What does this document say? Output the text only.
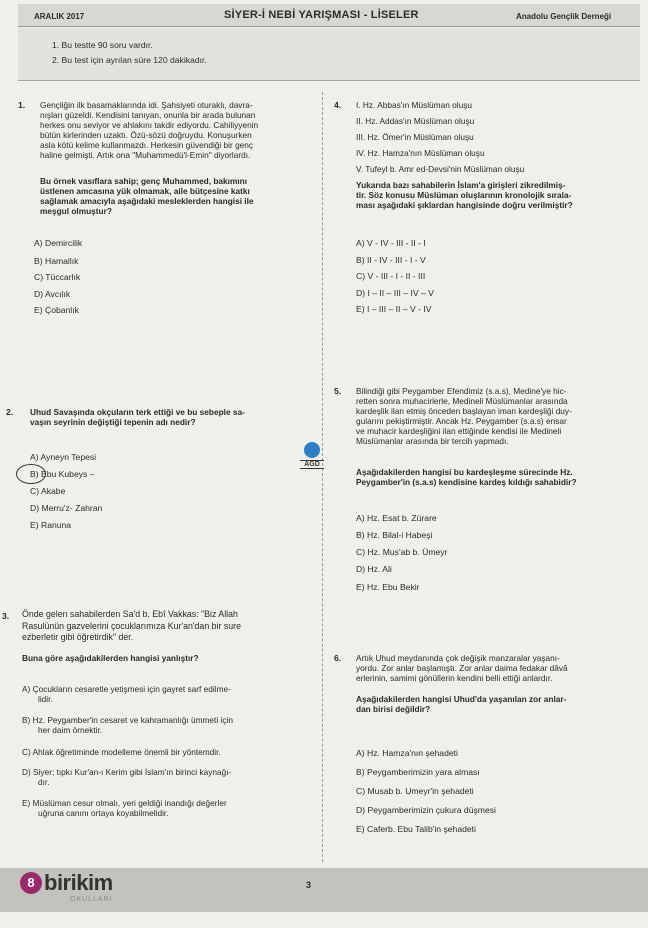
ARALIK 2017	SİYER-İ NEBİ YARIŞMASI - LİSELER	Anadolu Gençlik Derneği
1. Bu testte 90 soru vardır.
2. Bu test için ayrılan süre 120 dakikadır.
1. Gençliğin ilk basamaklarında idi. Şahsiyeti oturaklı, davra-
nışları güzeldi. Kendisini tanıyan, onunla bir arada bulunan
herkes onu seviyor ve ahlakını takdir ediyordu. Cahiliyyenin
bütün kirlerinden uzaktı. Özü-sözü doğruydu. Konuşurken
asla kötü kelime kullanmazdı. Herkesin güvendiği bir genç
haline gelmişti. Artık ona "Muhammedü'l-Emin" diyorlardı.
Bu örnek vasıflara sahip; genç Muhammed, bakımını
üstlenen amcasına yük olmamak, aile bütçesine katkı
sağlamak amacıyla aşağıdaki mesleklerden hangisi ile
meşgul olmuştur?
A) Demircilik
B) Hamallık
C) Tüccarlık
D) Avcılık
E) Çobanlık
2. Uhud Savaşında okçuların terk ettiği ve bu sebeple sa-
vaşın seyrinin değiştiği tepenin adı nedir?
A) Ayneyn Tepesi
B) Ebu Kubeys –
C) Akabe
D) Merru'z- Zahran
E) Ranuna
3. Önde gelen sahabilerden Sa'd b. Ebî Vakkas: "Biz Allah
Rasulünün gazvelerini çocuklarımıza Kur'an'dan bir sure
ezberletir gibi öğretirdik" der.
Buna göre aşağıdakilerden hangisi yanlıştır?
A) Çocukların cesaretle yetişmesi için gayret sarf edilme-
lidir.
B) Hz. Peygamber'in cesaret ve kahramanlığı ümmeti için
her daim örnektir.
C) Ahlak öğretiminde modelleme önemli bir yöntemdir.
D) Siyer; tıpkı Kur'an-ı Kerim gibi İslam'ın birinci kaynağı-
dır.
E) Müslüman cesur olmalı, yeri geldiği inandığı değerler
uğruna canını ortaya koyabilmelidir.
4. I. Hz. Abbas'ın Müslüman oluşu
II. Hz. Addas'ın Müslüman oluşu
III. Hz. Ömer'in Müslüman oluşu
IV. Hz. Hamza'nın Müslüman oluşu
V. Tufeyl b. Amr ed-Devsi'nin Müslüman oluşu
Yukarıda bazı sahabilerin İslam'a girişleri zikredilmiş-
tir. Söz konusu Müslüman oluşlarının kronolojik sırala-
ması aşağıdaki şıklardan hangisinde doğru verilmiştir?
A) V - IV - III - II - I
B) II - IV - III - I - V
C) V - III - I - II - III
D) I – II – III – IV – V
E) I – III – II – V - IV
AGD
5. Bilindiği gibi Peygamber Efendimiz (s.a.s), Medine'ye hic-
retten sonra muhacirlerle, Medineli Müslümanlar arasında
kardeşlik ilan etmiş önceden başlayan iman kardeşliği duy-
gularını pekiştirmiştir. Ancak Hz. Peygamber (s.a.s) ensar
ve muhacir kardeşliğini ilan ettiğinde kendisi ile Medineli
Müslümanlar arasında bir tercih yapmadı.
Aşağıdakilerden hangisi bu kardeşleşme sürecinde Hz.
Peygamber'in (s.a.s) kendisine kardeş kıldığı sahabidir?
A) Hz. Esat b. Zürare
B) Hz. Bilal-i Habeşi
C) Hz. Mus'ab b. Ümeyr
D) Hz. Ali
E) Hz. Ebu Bekir
6. Artık Uhud meydanında çok değişik manzaralar yaşanı-
yordu. Zor anlar başlamıştı. Zor anlar daima fedakar dâvâ
erlerinin, samimi gönüllerin kendini belli ettiği anlardır.
Aşağıdakilerden hangisi Uhud'da yaşanılan zor anlar-
dan birisi değildir?
A) Hz. Hamza'nın şehadeti
B) Peygamberimizin yara alması
C) Musab b. Umeyr'in şehadeti
D) Peygamberimizin çukura düşmesi
E) Caferb. Ebu Talib'in şehadeti
8 birikim
OKULLARI
3
